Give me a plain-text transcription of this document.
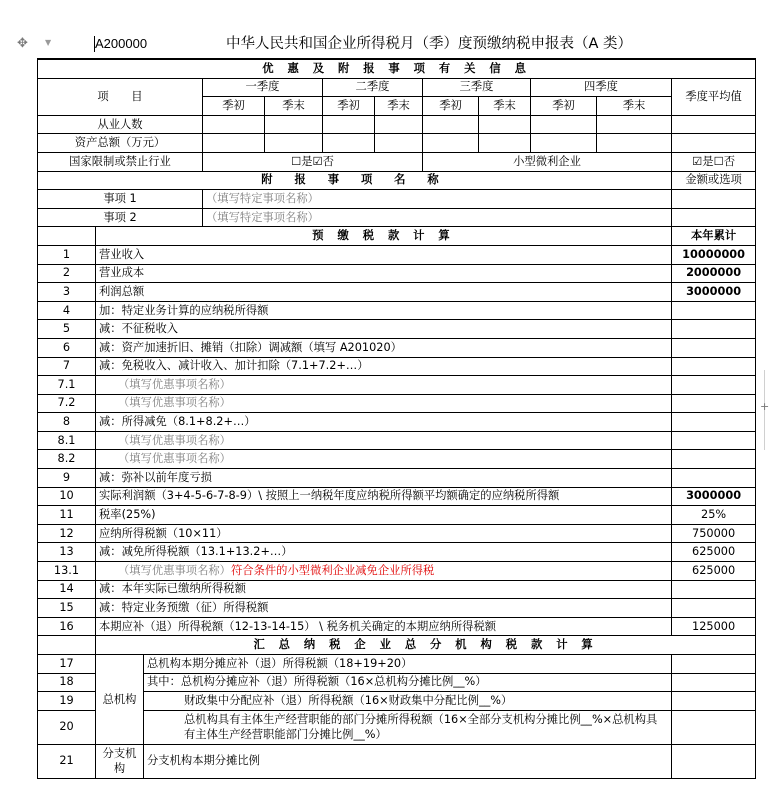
✥	▼	A200000	中华人民共和国企业所得税月（季）度预缴纳税申报表（A 类）
+
优 惠 及 附 报 事 项 有 关 信 息											
项　　目			一季度		二季度		三季度		四季度		季度平均值
			季初	季末	季初	季末	季初	季末	季初	季末	
从业人数											
资产总额（万元）											
国家限制或禁止行业			☐是☑否				小型微利企业				☑是☐否
附 报 事 项 名 称											金额或选项
事项 1			（填写特定事项名称）								
事项 2			（填写特定事项名称）								
	预 缴 税 款 计 算										本年累计
1	营业收入										10000000
2	营业成本										2000000
3	利润总额										3000000
4	加：特定业务计算的应纳税所得额										
5	减：不征税收入										
6	减：资产加速折旧、摊销（扣除）调减额（填写 A201020）										
7	减：免税收入、减计收入、加计扣除（7.1+7.2+…）										
7.1	（填写优惠事项名称）										
7.2	（填写优惠事项名称）										
8	减：所得减免（8.1+8.2+…）										
8.1	（填写优惠事项名称）										
8.2	（填写优惠事项名称）										
9	减：弥补以前年度亏损										
10	实际利润额（3+4-5-6-7-8-9）\ 按照上一纳税年度应纳税所得额平均额确定的应纳税所得额										3000000
11	税率(25%)										25%
12	应纳所得税额（10×11）										750000
13	减：减免所得税额（13.1+13.2+…）										625000
13.1	（填写优惠事项名称）符合条件的小型微利企业减免企业所得税										625000
14	减：本年实际已缴纳所得税额										
15	减：特定业务预缴（征）所得税额										
16	本期应补（退）所得税额（12-13-14-15） \ 税务机关确定的本期应纳所得税额										125000
	汇 总 纳 税 企 业 总 分 机 构 税 款 计 算										
17	总机构	总机构本期分摊应补（退）所得税额（18+19+20）									
18		其中：总机构分摊应补（退）所得税额（16×总机构分摊比例__%）									
19		财政集中分配应补（退）所得税额（16×财政集中分配比例__%）									
20		总机构具有主体生产经营职能的部门分摊所得税额（16×全部分支机构分摊比例__%×总机构具有主体生产经营职能部门分摊比例__%）									
21	分支机构	分支机构本期分摊比例									
